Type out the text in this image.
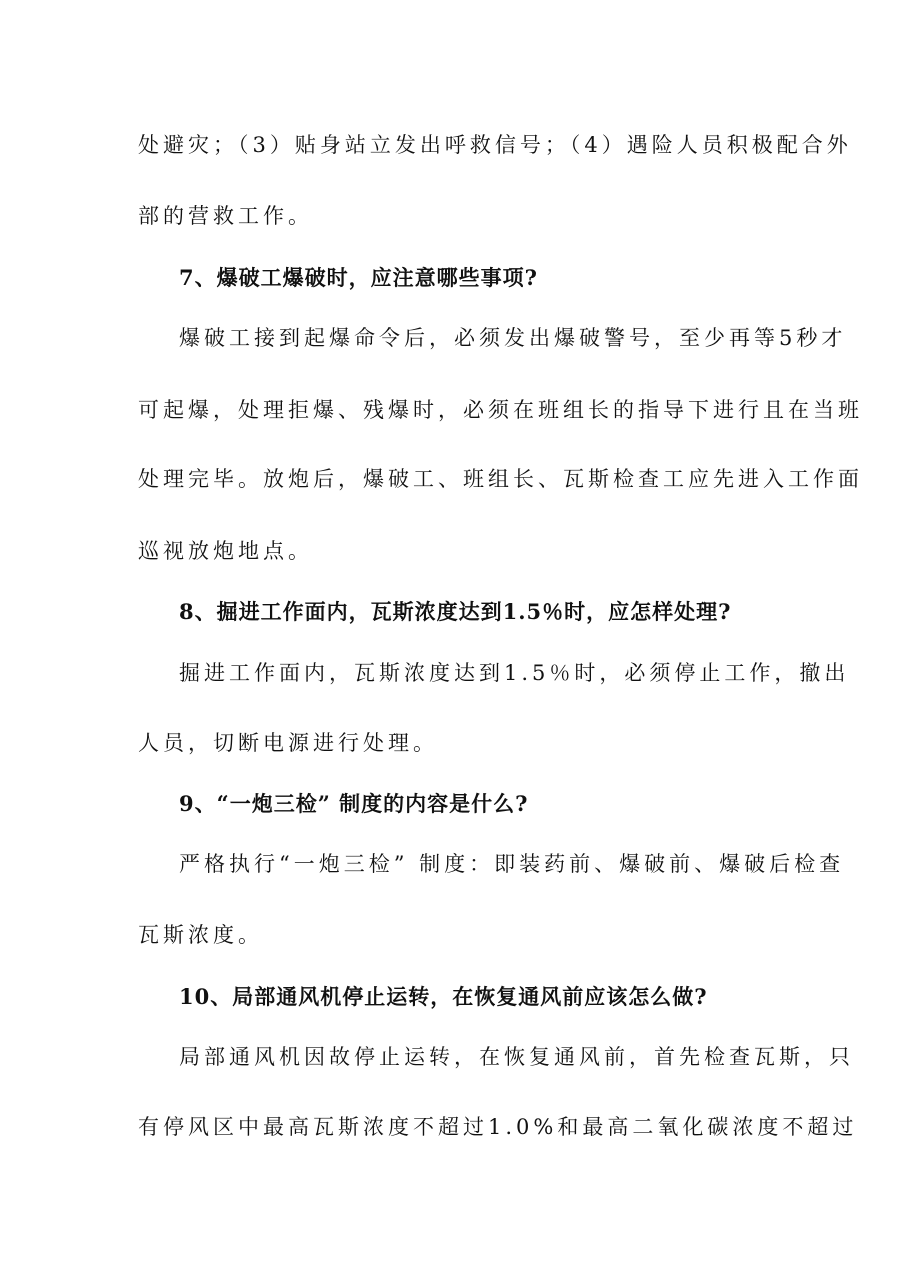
处避灾；（3）贴身站立发出呼救信号；（4）遇险人员积极配合外
部的营救工作。
7、爆破工爆破时，应注意哪些事项?
爆破工接到起爆命令后，必须发出爆破警号，至少再等5秒才
可起爆，处理拒爆、残爆时，必须在班组长的指导下进行且在当班
处理完毕。放炮后，爆破工、班组长、瓦斯检查工应先进入工作面
巡视放炮地点。
8、掘进工作面内，瓦斯浓度达到1.5％时，应怎样处理?
掘进工作面内，瓦斯浓度达到1.5％时，必须停止工作，撤出
人员，切断电源进行处理。
9、“一炮三检” 制度的内容是什么?
严格执行“一炮三检” 制度：即装药前、爆破前、爆破后检查
瓦斯浓度。
10、局部通风机停止运转，在恢复通风前应该怎么做?
局部通风机因故停止运转，在恢复通风前，首先检查瓦斯，只
有停风区中最高瓦斯浓度不超过1.0%和最高二氧化碳浓度不超过
